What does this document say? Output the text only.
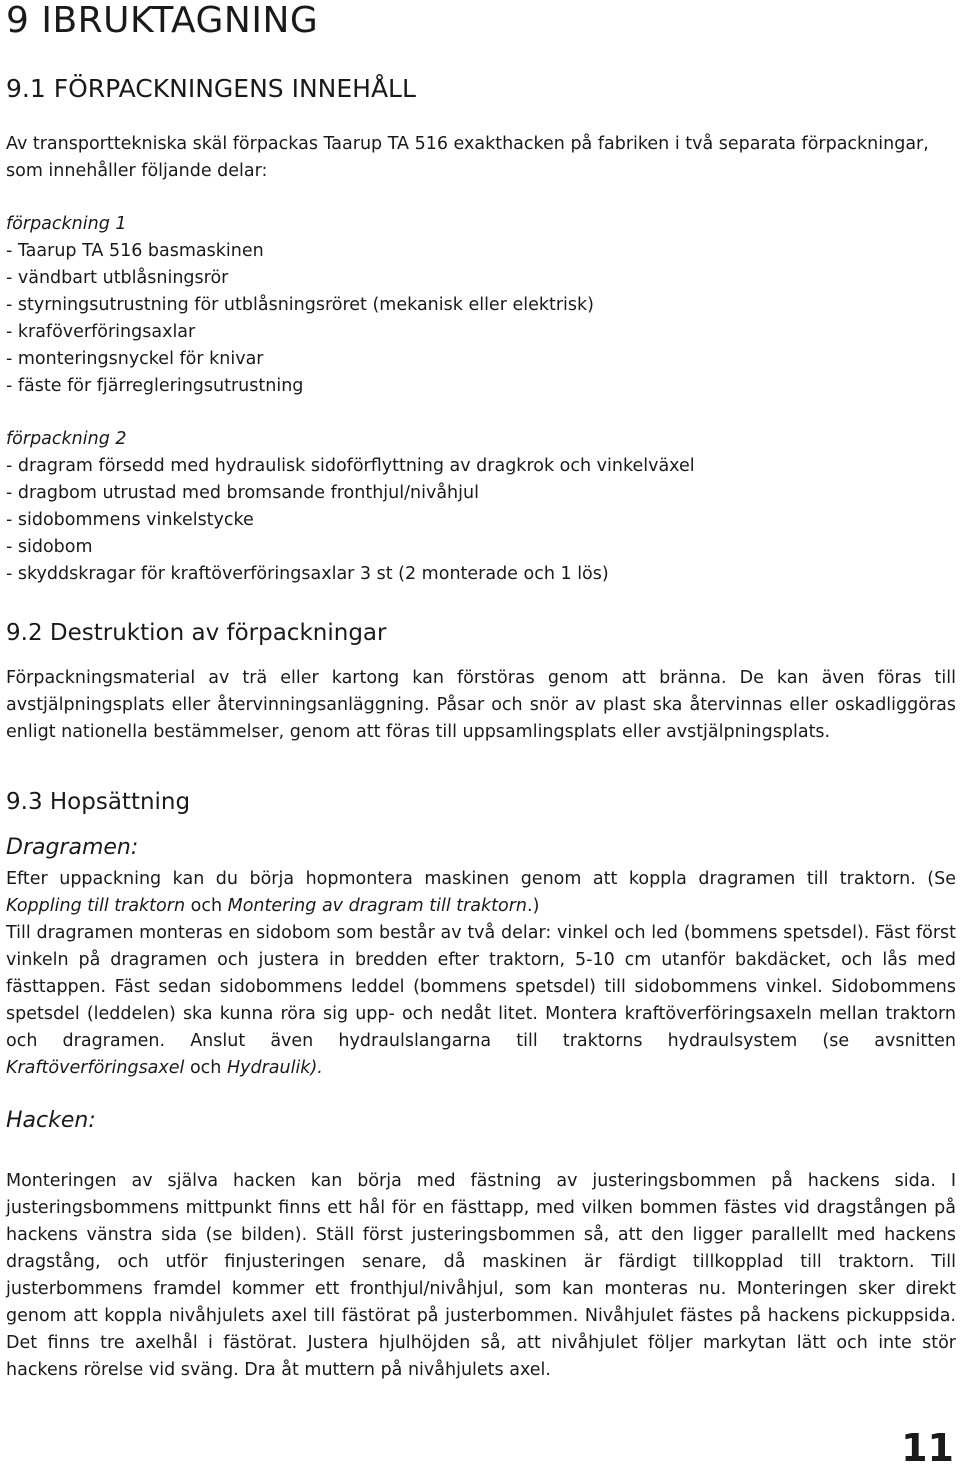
9 IBRUKTAGNING
9.1 FÖRPACKNINGENS INNEHÅLL
Av transporttekniska skäl förpackas Taarup TA 516 exakthacken på fabriken i två separata förpackningar,
som innehåller följande delar:
förpackning 1
- Taarup TA 516 basmaskinen
- vändbart utblåsningsrör
- styrningsutrustning för utblåsningsröret (mekanisk eller elektrisk)
- kraföverföringsaxlar
- monteringsnyckel för knivar
- fäste för fjärregleringsutrustning
förpackning 2
- dragram försedd med hydraulisk sidoförflyttning av dragkrok och vinkelväxel
- dragbom utrustad med bromsande fronthjul/nivåhjul
- sidobommens vinkelstycke
- sidobom
- skyddskragar för kraftöverföringsaxlar 3 st (2 monterade och 1 lös)
9.2 Destruktion av förpackningar
Förpackningsmaterial av trä eller kartong kan förstöras genom att bränna. De kan även föras till avstjälpningsplats eller återvinningsanläggning. Påsar och snör av plast ska återvinnas eller oskadliggöras enligt nationella bestämmelser, genom att föras till uppsamlingsplats eller avstjälpningsplats.
9.3 Hopsättning
Dragramen:
Efter uppackning kan du börja hopmontera maskinen genom att koppla dragramen till traktorn. (Se
Koppling till traktorn och Montering av dragram till traktorn.)
Till dragramen monteras en sidobom som består av två delar: vinkel och led (bommens spetsdel). Fäst först vinkeln på dragramen och justera in bredden efter traktorn, 5-10 cm utanför bakdäcket, och lås med fästtappen. Fäst sedan sidobommens leddel (bommens spetsdel) till sidobommens vinkel. Sidobommens spetsdel (leddelen) ska kunna röra sig upp- och nedåt litet. Montera kraftöverföringsaxeln mellan traktorn och dragramen. Anslut även hydraulslangarna till traktorns hydraulsystem (se avsnitten Kraftöverföringsaxel och Hydraulik).
Hacken:
Monteringen av själva hacken kan börja med fästning av justeringsbommen på hackens sida. I justeringsbommens mittpunkt finns ett hål för en fästtapp, med vilken bommen fästes vid dragstången på hackens vänstra sida (se bilden). Ställ först justeringsbommen så, att den ligger parallellt med hackens dragstång, och utför finjusteringen senare, då maskinen är färdigt tillkopplad till traktorn. Till justerbommens framdel kommer ett fronthjul/nivåhjul, som kan monteras nu. Monteringen sker direkt genom att koppla nivåhjulets axel till fästörat på justerbommen. Nivåhjulet fästes på hackens pickuppsida. Det finns tre axelhål i fästörat. Justera hjulhöjden så, att nivåhjulet följer markytan lätt och inte stör hackens rörelse vid sväng. Dra åt muttern på nivåhjulets axel.
11
